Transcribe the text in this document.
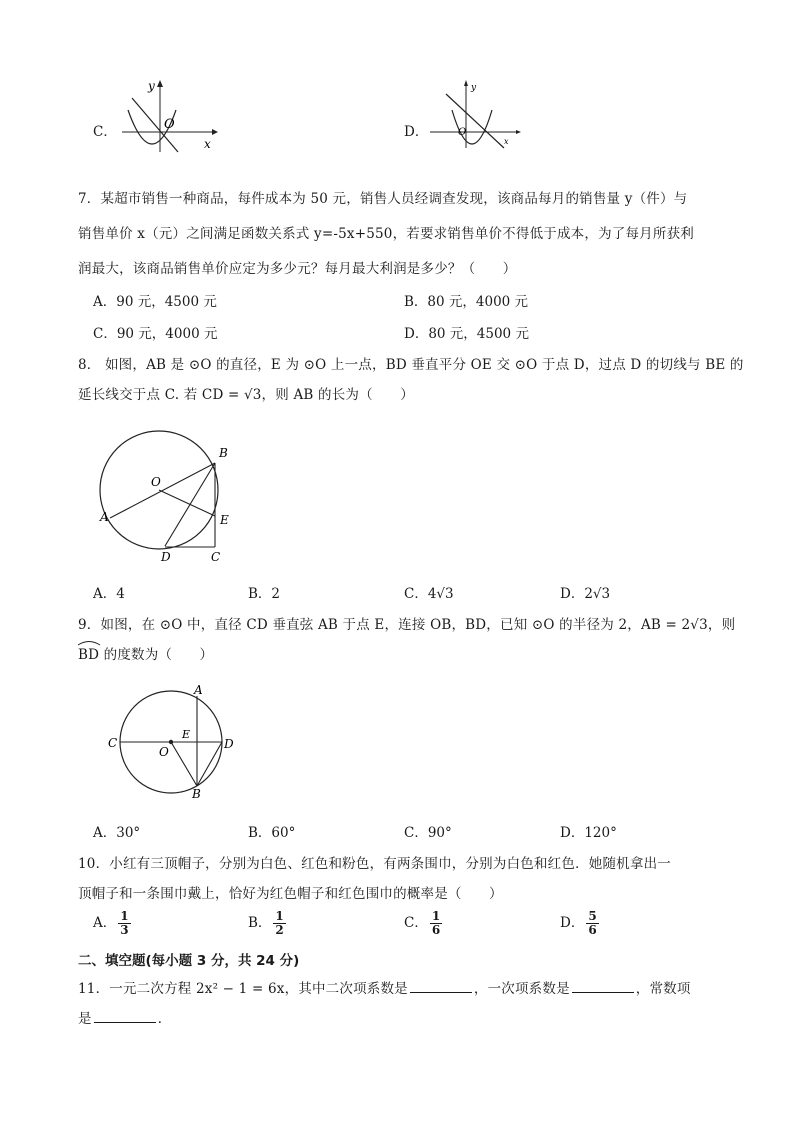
C．
y
x
O	D．
y
x
O
7．某超市销售一种商品，每件成本为 50 元，销售人员经调查发现，该商品每月的销售量 y（件）与
销售单价 x（元）之间满足函数关系式 y=-5x+550，若要求销售单价不得低于成本，为了每月所获利
润最大，该商品销售单价应定为多少元？每月最大利润是多少？（　　）
A．90 元，4500 元	B．80 元，4000 元
C．90 元，4000 元	D．80 元，4500 元
8． 如图，AB 是 ⊙O 的直径，E 为 ⊙O 上一点，BD 垂直平分 OE 交 ⊙O 于点 D，过点 D 的切线与 BE 的
延长线交于点 C. 若 CD = √3，则 AB 的长为（　　）
B
O
A	E
D	C
A．4	B．2	C．4√3	D．2√3
9．如图，在 ⊙O 中，直径 CD 垂直弦 AB 于点 E，连接 OB，BD，已知 ⊙O 的半径为 2，AB = 2√3，则
BD 的度数为（　　）
A
C
E
D
O
B
A．30°	B．60°	C．90°	D．120°
10．小红有三顶帽子，分别为白色、红色和粉色，有两条围巾，分别为白色和红色．她随机拿出一
顶帽子和一条围巾戴上，恰好为红色帽子和红色围巾的概率是（　　）
A． $\frac{1}{3}$	B． $\frac{1}{2}$	C． $\frac{1}{6}$	D． $\frac{5}{6}$
二、填空题(每小题 3 分，共 24 分)
11．一元二次方程 2x² − 1 = 6x，其中二次项系数是	，一次项系数是	，常数项
是	．
